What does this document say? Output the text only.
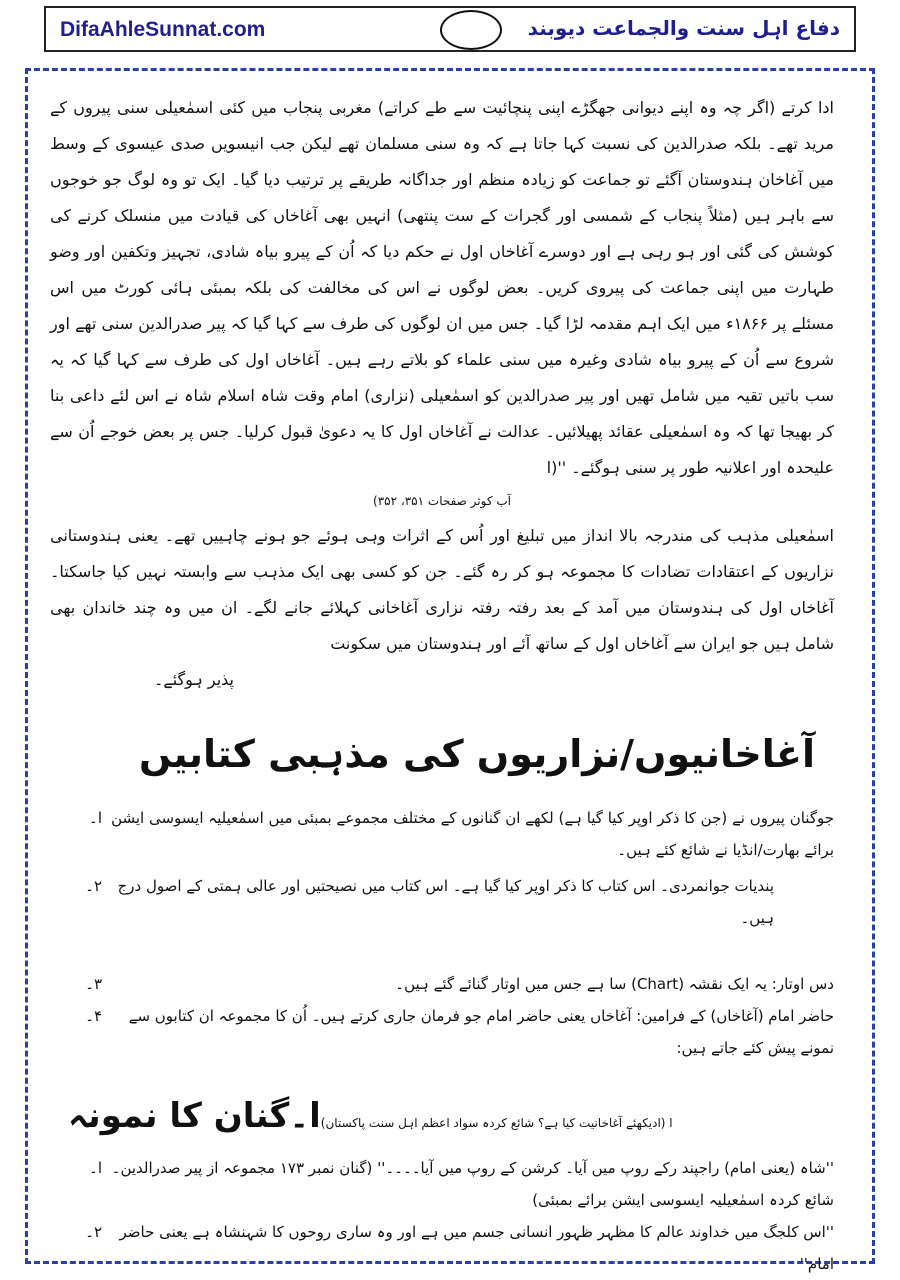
DifaAhleSunnat.com	دفاع اہل سنت والجماعت دیوبند

ادا کرتے (اگر چہ وہ اپنے دیوانی جھگڑے اپنی پنچائیت سے طے کراتے) مغربی پنجاب میں کئی اسمٰعیلی سنی پیروں کے مرید تھے۔ بلکہ صدرالدین کی نسبت کہا جاتا ہے کہ وہ سنی مسلمان تھے لیکن جب انیسویں صدی عیسوی کے وسط میں آغاخان ہندوستان آگئے تو جماعت کو زیادہ منظم اور جداگانہ طریقے پر ترتیب دیا گیا۔ ایک تو وہ لوگ جو خوجوں سے باہر ہیں (مثلاً پنجاب کے شمسی اور گجرات کے ست پنتھی) انہیں بھی آغاخاں کی قیادت میں منسلک کرنے کی کوشش کی گئی اور ہو رہی ہے اور دوسرے آغاخاں اول نے حکم دیا کہ اُن کے پیرو بیاہ شادی، تجہیز وتکفین اور وضو طہارت میں اپنی جماعت کی پیروی کریں۔ بعض لوگوں نے اس کی مخالفت کی بلکہ بمبئی ہائی کورٹ میں اس مسئلے پر ۱۸۶۶ء میں ایک اہم مقدمہ لڑا گیا۔ جس میں ان لوگوں کی طرف سے کہا گیا کہ پیر صدرالدین سنی تھے اور شروع سے اُن کے پیرو بیاہ شادی وغیرہ میں سنی علماء کو بلاتے رہے ہیں۔ آغاخاں اول کی طرف سے کہا گیا کہ یہ سب باتیں تقیہ میں شامل تھیں اور پیر صدرالدین کو اسمٰعیلی (نزاری) امام وقت شاہ اسلام شاہ نے اس لئے داعی بنا کر بھیجا تھا کہ وہ اسمٰعیلی عقائد پھیلائیں۔ عدالت نے آغاخاں اول کا یہ دعویٰ قبول کرلیا۔ جس پر بعض خوجے اُن سے علیحدہ اور اعلانیہ طور پر سنی ہوگئے۔ ''(ا

آب کوثر صفحات ۳۵۱، ۳۵۲)

اسمٰعیلی مذہب کی مندرجہ بالا انداز میں تبلیغ اور اُس کے اثرات وہی ہوئے جو ہونے چاہییں تھے۔ یعنی ہندوستانی نزاریوں کے اعتقادات تضادات کا مجموعہ ہو کر رہ گئے۔ جن کو کسی بھی ایک مذہب سے وابستہ نہیں کیا جاسکتا۔ آغاخاں اول کی ہندوستان میں آمد کے بعد رفتہ رفتہ نزاری آغاخانی کہلائے جانے لگے۔ ان میں وہ چند خاندان بھی شامل ہیں جو ایران سے آغاخاں اول کے ساتھ آئے اور ہندوستان میں سکونت

پذیر ہوگئے۔
آغاخانیوں/نزاریوں کی مذہبی کتابیں
ا۔ جوگنان پیروں نے (جن کا ذکر اوپر کیا گیا ہے) لکھے ان گنانوں کے مختلف مجموعے بمبئی میں اسمٰعیلیہ ایسوسی ایشن برائے بھارت/انڈیا نے شائع کئے ہیں۔
۲۔	پندیات جوانمردی۔ اس کتاب کا ذکر اوپر کیا گیا ہے۔ اس کتاب میں نصیحتیں اور عالی ہمتی کے اصول درج ہیں۔
۳۔	دس اوتار: یہ ایک نقشہ (Chart) سا ہے جس میں اوتار گنائے گئے ہیں۔
۴۔	حاضر امام (آغاخاں) کے فرامین: آغاخاں یعنی حاضر امام جو فرمان جاری کرتے ہیں۔ اُن کا مجموعہ ان کتابوں سے نمونے پیش کئے جاتے ہیں:
ا۔گنان کا نمونہ ا (ادیکھئے آغاخانیت کیا ہے؟ شائع کردہ سواد اعظم اہل سنت پاکستان)
ا۔ ''شاہ (یعنی امام) راجپند رکے روپ میں آیا۔ کرشن کے روپ میں آیا۔۔۔۔'' (گنان نمبر ۱۷۳ مجموعہ از پیر صدرالدین۔ شائع کردہ اسمٰعیلیہ ایسوسی ایشن برائے بمبئی)
۲۔	''اس کلجگ میں خداوند عالم کا مظہر ظہور انسانی جسم میں ہے اور وہ ساری روحوں کا شہنشاہ ہے یعنی حاضر امام''
